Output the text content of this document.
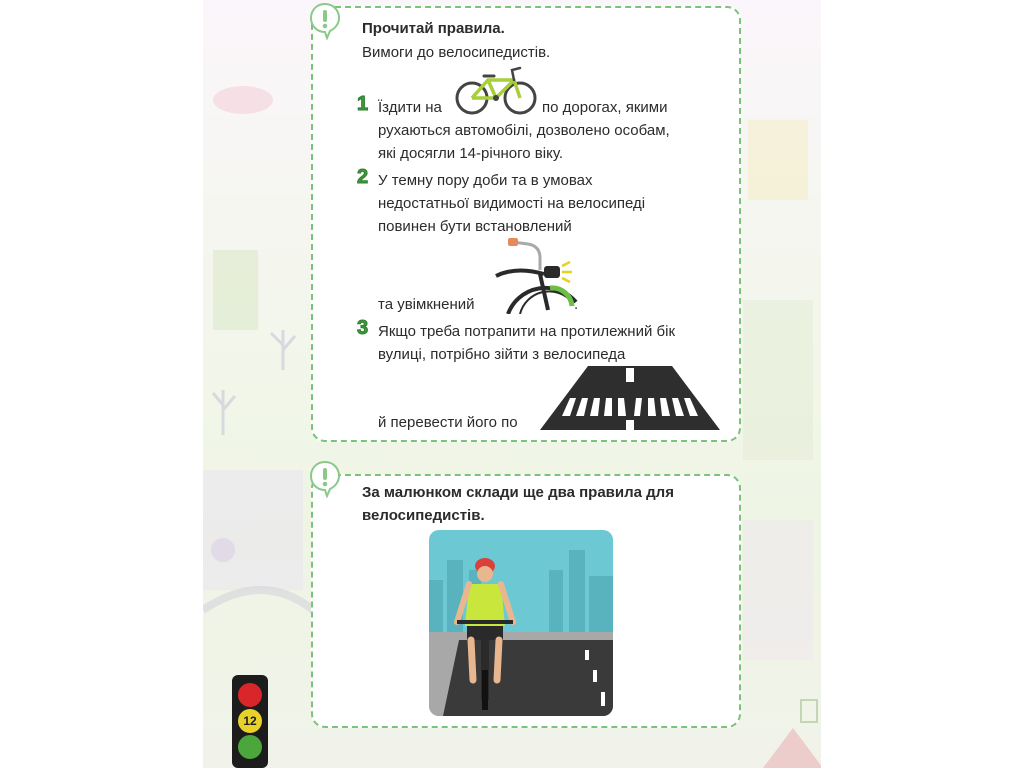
Прочитай правила.
Вимоги до велосипедистів.
1 Їздити на	по дорогах, якими
рухаються автомобілі, дозволено особам,
які досягли 14-річного віку.
2 У темну пору доби та в умовах
недостатньої видимості на велосипеді
повинен бути встановлений
та увімкнений	.
3 Якщо треба потрапити на протилежний бік
вулиці, потрібно зійти з велосипеда
й перевести його по
За малюнком склади ще два правила для
велосипедистів.
12
